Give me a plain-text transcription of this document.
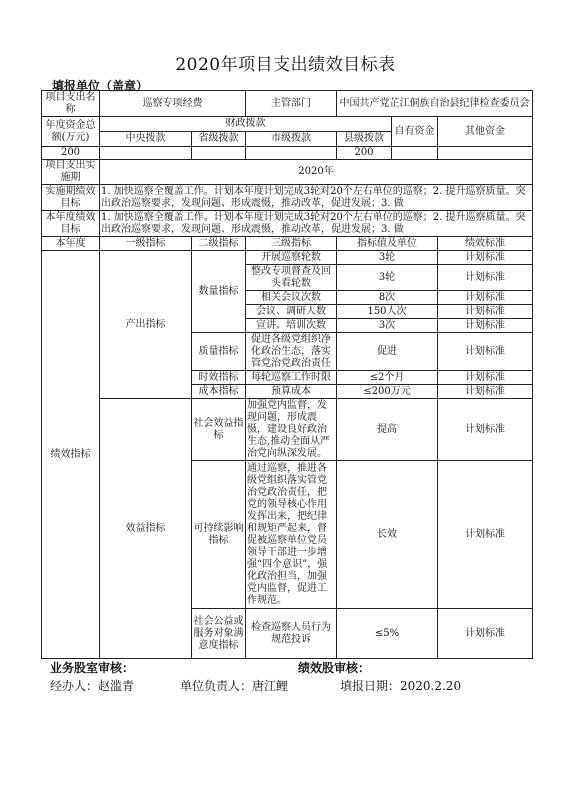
2020年项目支出绩效目标表
填报单位（盖章）
项目支出名称	巡察专项经费		主管部门	中国共产党芷江侗族自治县纪律检查委员会		
年度资金总额(万元)	财政拨款				自有资金	其他资金
	中央拨款	省级拨款	市级拨款	县级拨款		
200				200		
项目支出实施期	2020年					
实施期绩效目标	1. 加快巡察全覆盖工作。计划本年度计划完成3轮对20个左右单位的巡察；2. 提升巡察质量。突出政治巡察要求，发现问题、形成震慑，推动改革，促进发展；3. 做					
本年度绩效目标	1. 加快巡察全覆盖工作。计划本年度计划完成3轮对20个左右单位的巡察；2. 提升巡察质量。突出政治巡察要求，发现问题、形成震慑，推动改革，促进发展；3. 做					
本年度	一级指标	二级指标	三级指标	指标值及单位		绩效标准
绩效指标	产出指标	数量指标	开展巡察轮数	3轮		计划标准
			整改专项督查及回头看轮数	3轮		计划标准
			相关会议次数	8次		计划标准
			会议、调研人数	150人次		计划标准
			宣讲、培训次数	3次		计划标准
		质量指标	促进各级党组织净化政治生态，落实管党治党政治责任	促进		计划标准
		时效指标	每轮巡察工作时限	≤2个月		计划标准
		成本指标	预算成本	≤200万元		计划标准
	效益指标	社会效益指标	加强党内监督，发现问题，形成震慑，建设良好政治生态,推动全面从严治党向纵深发展。	提高		计划标准
		可持续影响指标	通过巡察，推进各级党组织落实管党治党政治责任，把党的领导核心作用发挥出来，把纪律和规矩严起来，督促被巡察单位党员领导干部进一步增强“四个意识”，强化政治担当，加强党内监督，促进工作规范。	长效		计划标准
		社会公益或服务对象满意度指标	检查巡察人员行为规范投诉	≤5%		计划标准
业务股室审核：	绩效股审核：
经办人：赵滥青	单位负责人：唐江鲤	填报日期：2020.2.20
